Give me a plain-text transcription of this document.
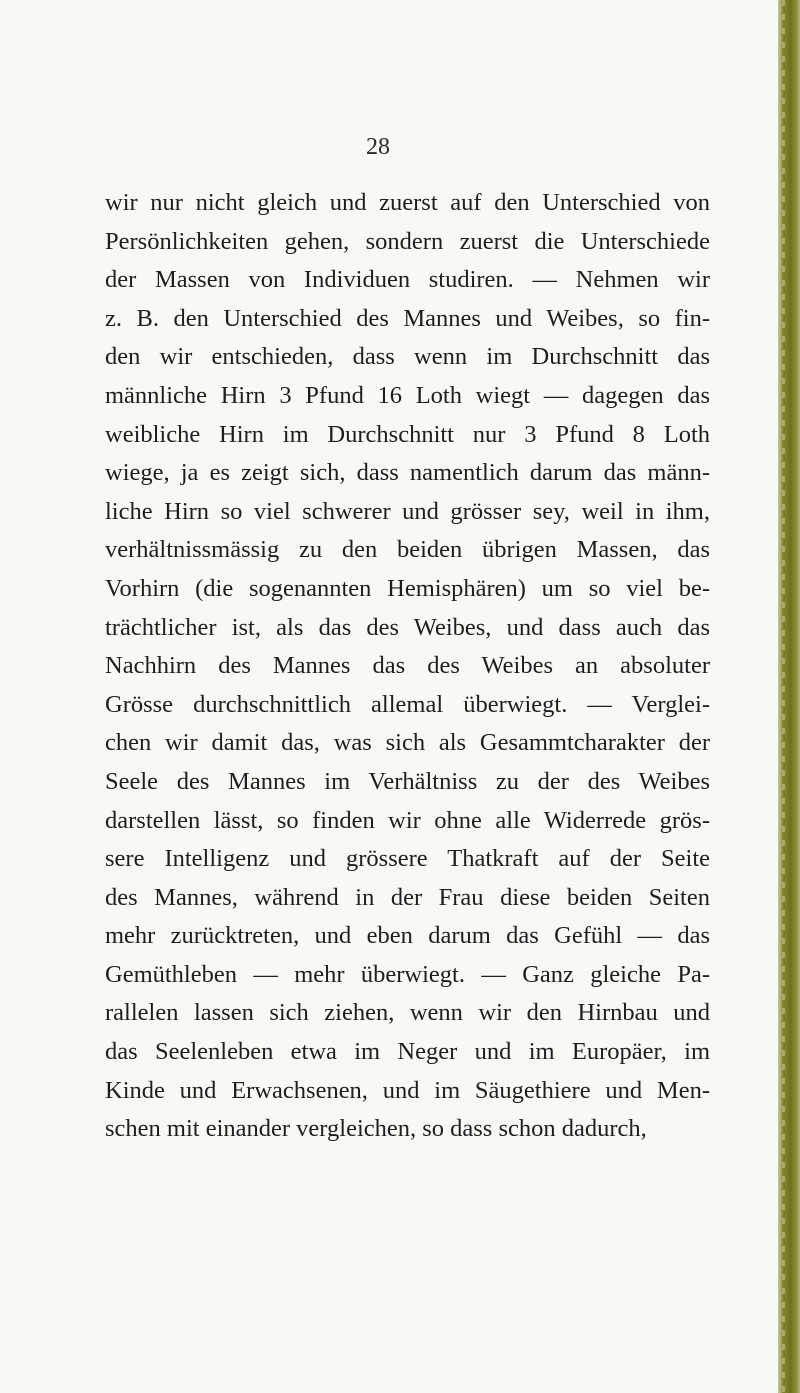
28
wir nur nicht gleich und zuerst auf den Unterschied von
Persönlichkeiten gehen, sondern zuerst die Unterschiede
der Massen von Individuen studiren. — Nehmen wir
z. B. den Unterschied des Mannes und Weibes, so fin-
den wir entschieden, dass wenn im Durchschnitt das
männliche Hirn 3 Pfund 16 Loth wiegt — dagegen das
weibliche Hirn im Durchschnitt nur 3 Pfund 8 Loth
wiege, ja es zeigt sich, dass namentlich darum das männ-
liche Hirn so viel schwerer und grösser sey, weil in ihm,
verhältnissmässig zu den beiden übrigen Massen, das
Vorhirn (die sogenannten Hemisphären) um so viel be-
trächtlicher ist, als das des Weibes, und dass auch das
Nachhirn des Mannes das des Weibes an absoluter
Grösse durchschnittlich allemal überwiegt. — Verglei-
chen wir damit das, was sich als Gesammtcharakter der
Seele des Mannes im Verhältniss zu der des Weibes
darstellen lässt, so finden wir ohne alle Widerrede grös-
sere Intelligenz und grössere Thatkraft auf der Seite
des Mannes, während in der Frau diese beiden Seiten
mehr zurücktreten, und eben darum das Gefühl — das
Gemüthleben — mehr überwiegt. — Ganz gleiche Pa-
rallelen lassen sich ziehen, wenn wir den Hirnbau und
das Seelenleben etwa im Neger und im Europäer, im
Kinde und Erwachsenen, und im Säugethiere und Men-
schen mit einander vergleichen, so dass schon dadurch,
